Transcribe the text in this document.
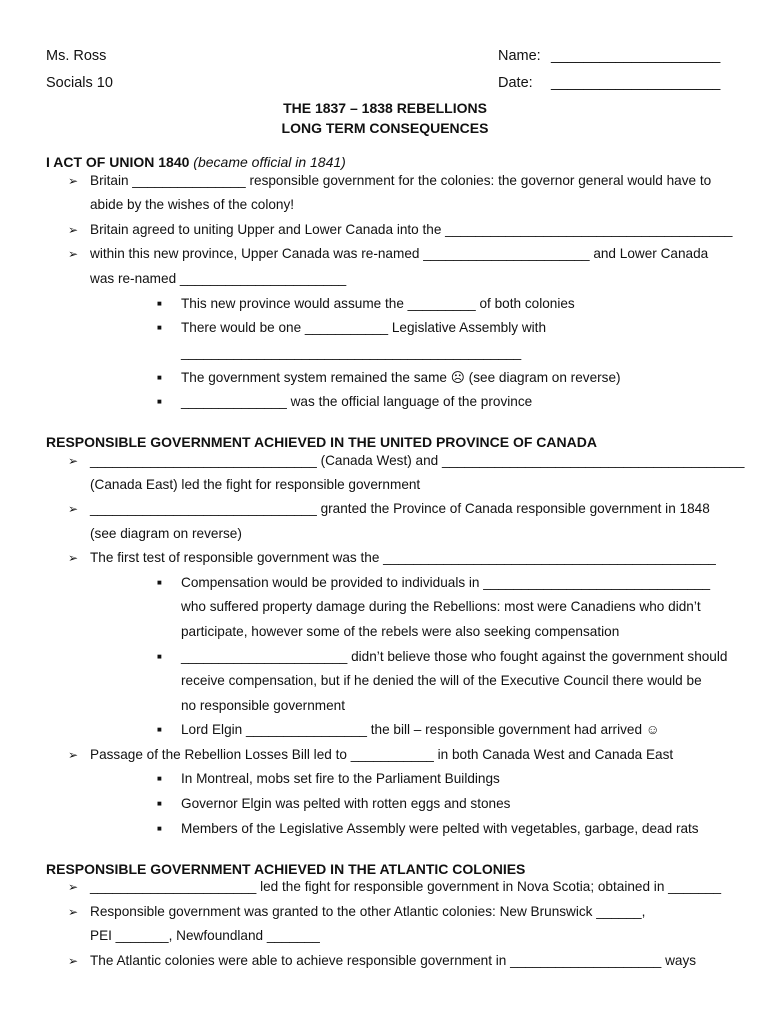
Ms. Ross
Socials 10
Name: _____________________
Date: _____________________
THE 1837 – 1838 REBELLIONS
LONG TERM CONSEQUENCES
I ACT OF UNION 1840 (became official in 1841)
➢ Britain _______________ responsible government for the colonies: the governor general would have to
abide by the wishes of the colony!
➢ Britain agreed to uniting Upper and Lower Canada into the ______________________________________
➢ within this new province, Upper Canada was re-named ______________________ and Lower Canada
was re-named ______________________
■ This new province would assume the _________ of both colonies
■ There would be one ___________ Legislative Assembly with
_____________________________________________
■ The government system remained the same ☹ (see diagram on reverse)
■ ______________ was the official language of the province
RESPONSIBLE GOVERNMENT ACHIEVED IN THE UNITED PROVINCE OF CANADA
➢ ______________________________ (Canada West) and ________________________________________
(Canada East) led the fight for responsible government
➢ ______________________________ granted the Province of Canada responsible government in 1848
(see diagram on reverse)
➢ The first test of responsible government was the ____________________________________________
■ Compensation would be provided to individuals in ______________________________
who suffered property damage during the Rebellions: most were Canadiens who didn’t
participate, however some of the rebels were also seeking compensation
■ ______________________ didn’t believe those who fought against the government should
receive compensation, but if he denied the will of the Executive Council there would be
no responsible government
■ Lord Elgin ________________ the bill – responsible government had arrived ☺
➢ Passage of the Rebellion Losses Bill led to ___________ in both Canada West and Canada East
■ In Montreal, mobs set fire to the Parliament Buildings
■ Governor Elgin was pelted with rotten eggs and stones
■ Members of the Legislative Assembly were pelted with vegetables, garbage, dead rats
RESPONSIBLE GOVERNMENT ACHIEVED IN THE ATLANTIC COLONIES
➢ ______________________ led the fight for responsible government in Nova Scotia; obtained in _______
➢ Responsible government was granted to the other Atlantic colonies: New Brunswick ______,
PEI _______, Newfoundland _______
➢ The Atlantic colonies were able to achieve responsible government in ____________________ ways
